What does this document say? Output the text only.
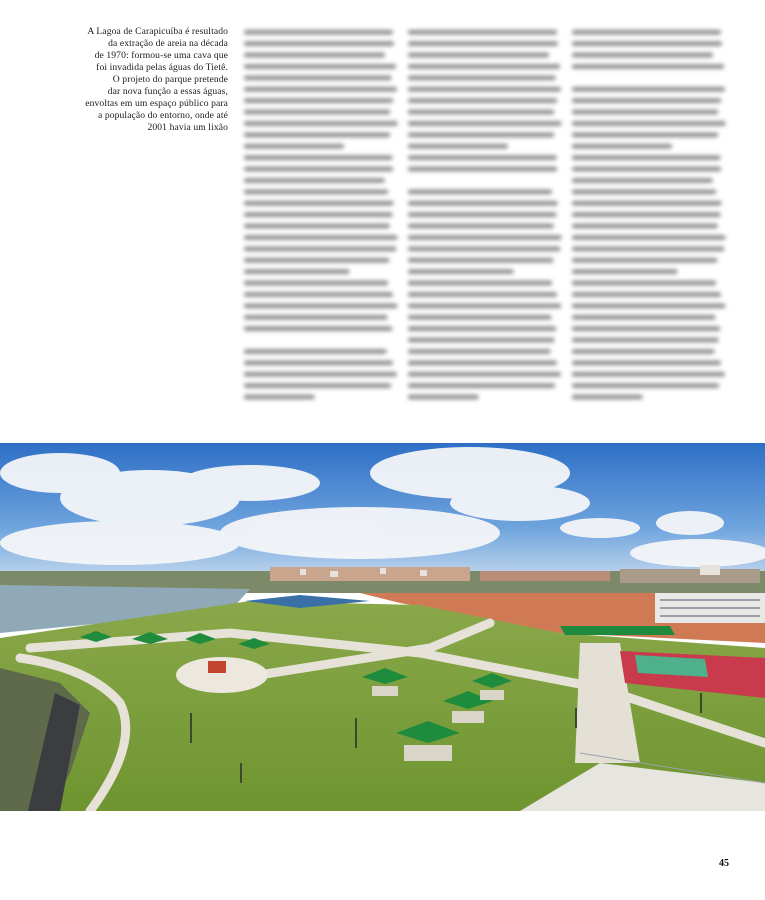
A Lagoa de Carapicuíba é resultado

da extração de areia na década

de 1970: formou-se uma cava que

foi invadida pelas águas do Tietê.

O projeto do parque pretende

dar nova função a essas águas,

envoltas em um espaço público para

a população do entorno, onde até

2001 havia um lixão

45
